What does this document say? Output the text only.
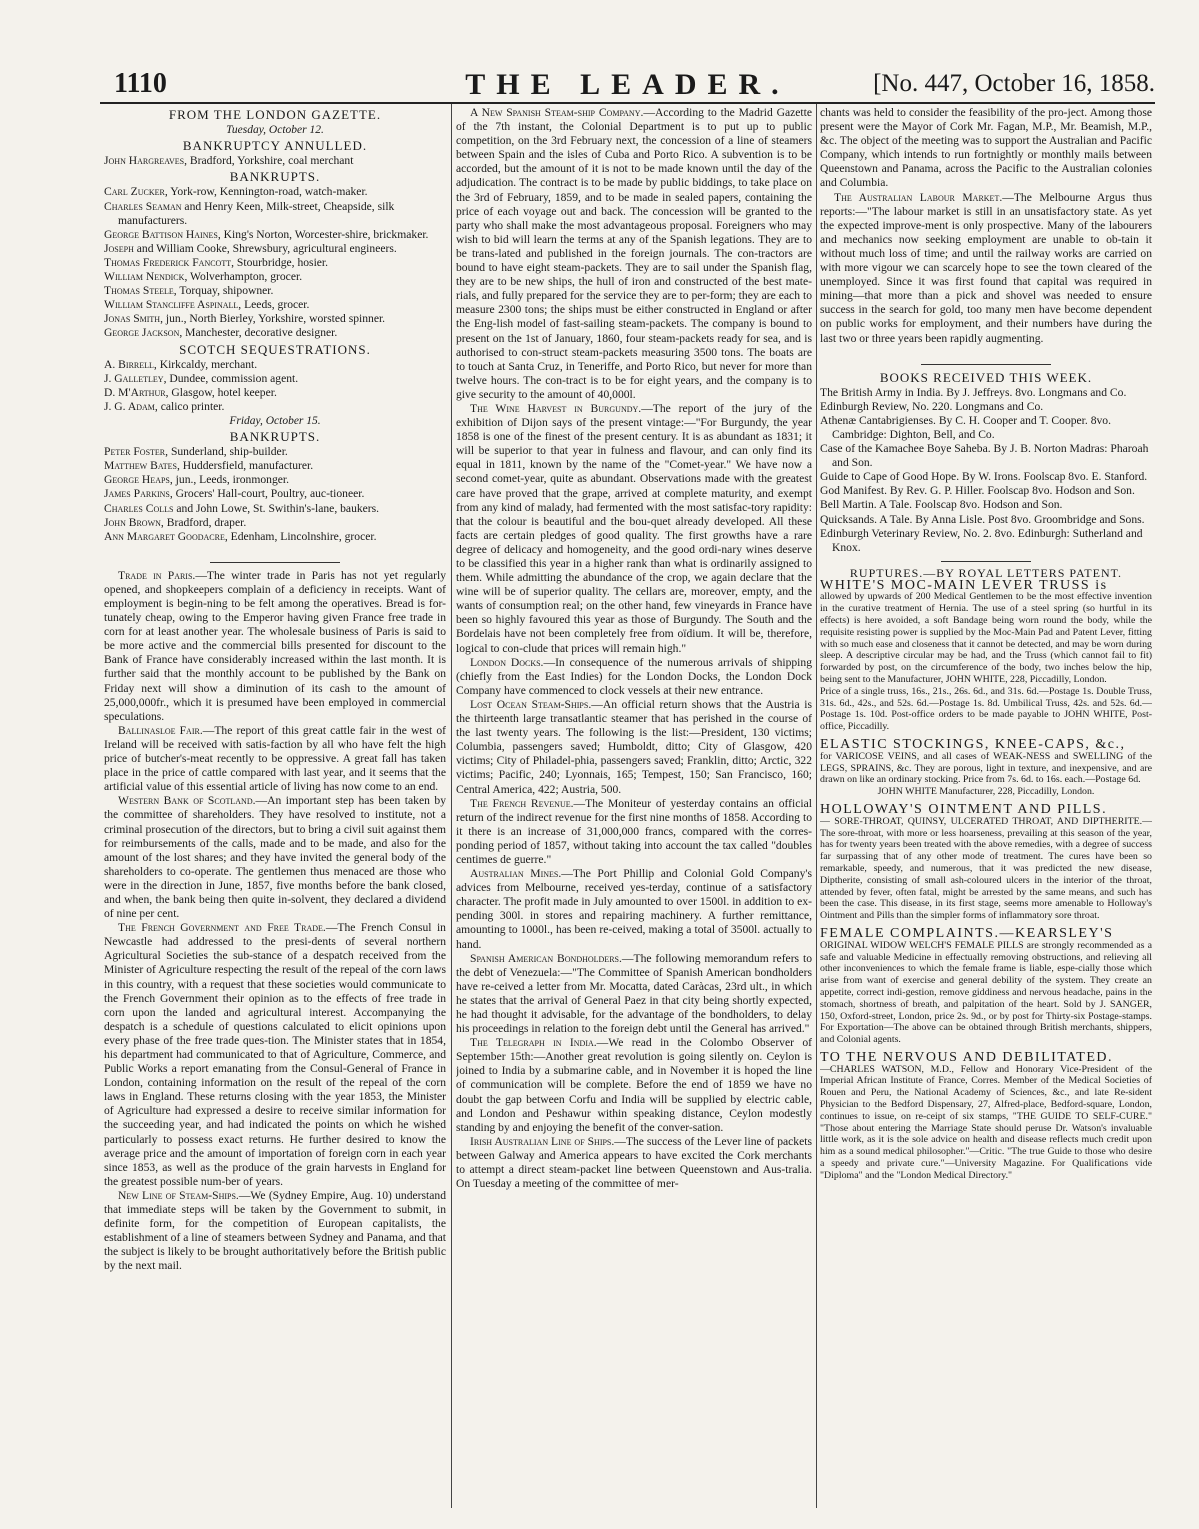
1110	THE LEADER.	[No. 447, October 16, 1858.
FROM THE LONDON GAZETTE.

Tuesday, October 12.

BANKRUPTCY ANNULLED.

John Hargreaves, Bradford, Yorkshire, coal merchant

BANKRUPTS.

Carl Zucker, York-row, Kennington-road, watch-maker.

Charles Seaman and Henry Keen, Milk-street, Cheapside, silk manufacturers.

George Battison Haines, King's Norton, Worcester-shire, brickmaker.

Joseph and William Cooke, Shrewsbury, agricultural engineers.

Thomas Frederick Fancott, Stourbridge, hosier.

William Nendick, Wolverhampton, grocer.

Thomas Steele, Torquay, shipowner.

William Stancliffe Aspinall, Leeds, grocer.

Jonas Smith, jun., North Bierley, Yorkshire, worsted spinner.

George Jackson, Manchester, decorative designer.

SCOTCH SEQUESTRATIONS.

A. Birrell, Kirkcaldy, merchant.

J. Galletley, Dundee, commission agent.

D. M'Arthur, Glasgow, hotel keeper.

J. G. Adam, calico printer.

Friday, October 15.

BANKRUPTS.

Peter Foster, Sunderland, ship-builder.

Matthew Bates, Huddersfield, manufacturer.

George Heaps, jun., Leeds, ironmonger.

James Parkins, Grocers' Hall-court, Poultry, auc-tioneer.

Charles Colls and John Lowe, St. Swithin's-lane, baukers.

John Brown, Bradford, draper.

Ann Margaret Goodacre, Edenham, Lincolnshire, grocer.

Trade in Paris.—The winter trade in Paris has not yet regularly opened, and shopkeepers complain of a deficiency in receipts. Want of employment is begin-ning to be felt among the operatives. Bread is for-tunately cheap, owing to the Emperor having given France free trade in corn for at least another year. The wholesale business of Paris is said to be more active and the commercial bills presented for discount to the Bank of France have considerably increased within the last month. It is further said that the monthly account to be published by the Bank on Friday next will show a diminution of its cash to the amount of 25,000,000fr., which it is presumed have been employed in commercial speculations.

Ballinasloe Fair.—The report of this great cattle fair in the west of Ireland will be received with satis-faction by all who have felt the high price of butcher's-meat recently to be oppressive. A great fall has taken place in the price of cattle compared with last year, and it seems that the artificial value of this essential article of living has now come to an end.

Western Bank of Scotland.—An important step has been taken by the committee of shareholders. They have resolved to institute, not a criminal prosecution of the directors, but to bring a civil suit against them for reimbursements of the calls, made and to be made, and also for the amount of the lost shares; and they have invited the general body of the shareholders to co-operate. The gentlemen thus menaced are those who were in the direction in June, 1857, five months before the bank closed, and when, the bank being then quite in-solvent, they declared a dividend of nine per cent.

The French Government and Free Trade.—The French Consul in Newcastle had addressed to the presi-dents of several northern Agricultural Societies the sub-stance of a despatch received from the Minister of Agriculture respecting the result of the repeal of the corn laws in this country, with a request that these societies would communicate to the French Government their opinion as to the effects of free trade in corn upon the landed and agricultural interest. Accompanying the despatch is a schedule of questions calculated to elicit opinions upon every phase of the free trade ques-tion. The Minister states that in 1854, his department had communicated to that of Agriculture, Commerce, and Public Works a report emanating from the Consul-General of France in London, containing information on the result of the repeal of the corn laws in England. These returns closing with the year 1853, the Minister of Agriculture had expressed a desire to receive similar information for the succeeding year, and had indicated the points on which he wished particularly to possess exact returns. He further desired to know the average price and the amount of importation of foreign corn in each year since 1853, as well as the produce of the grain harvests in England for the greatest possible num-ber of years.

New Line of Steam-Ships.—We (Sydney Empire, Aug. 10) understand that immediate steps will be taken by the Government to submit, in definite form, for the competition of European capitalists, the establishment of a line of steamers between Sydney and Panama, and that the subject is likely to be brought authoritatively before the British public by the next mail.

A New Spanish Steam-ship Company.—According to the Madrid Gazette of the 7th instant, the Colonial Department is to put up to public competition, on the 3rd February next, the concession of a line of steamers between Spain and the isles of Cuba and Porto Rico. A subvention is to be accorded, but the amount of it is not to be made known until the day of the adjudication. The contract is to be made by public biddings, to take place on the 3rd of February, 1859, and to be made in sealed papers, containing the price of each voyage out and back. The concession will be granted to the party who shall make the most advantageous proposal. Foreigners who may wish to bid will learn the terms at any of the Spanish legations. They are to be trans-lated and published in the foreign journals. The con-tractors are bound to have eight steam-packets. They are to sail under the Spanish flag, they are to be new ships, the hull of iron and constructed of the best mate-rials, and fully prepared for the service they are to per-form; they are each to measure 2300 tons; the ships must be either constructed in England or after the Eng-lish model of fast-sailing steam-packets. The company is bound to present on the 1st of January, 1860, four steam-packets ready for sea, and is authorised to con-struct steam-packets measuring 3500 tons. The boats are to touch at Santa Cruz, in Teneriffe, and Porto Rico, but never for more than twelve hours. The con-tract is to be for eight years, and the company is to give security to the amount of 40,000l.

The Wine Harvest in Burgundy.—The report of the jury of the exhibition of Dijon says of the present vintage:—"For Burgundy, the year 1858 is one of the finest of the present century. It is as abundant as 1831; it will be superior to that year in fulness and flavour, and can only find its equal in 1811, known by the name of the "Comet-year." We have now a second comet-year, quite as abundant. Observations made with the greatest care have proved that the grape, arrived at complete maturity, and exempt from any kind of malady, had fermented with the most satisfac-tory rapidity: that the colour is beautiful and the bou-quet already developed. All these facts are certain pledges of good quality. The first growths have a rare degree of delicacy and homogeneity, and the good ordi-nary wines deserve to be classified this year in a higher rank than what is ordinarily assigned to them. While admitting the abundance of the crop, we again declare that the wine will be of superior quality. The cellars are, moreover, empty, and the wants of consumption real; on the other hand, few vineyards in France have been so highly favoured this year as those of Burgundy. The South and the Bordelais have not been completely free from oïdium. It will be, therefore, logical to con-clude that prices will remain high."

London Docks.—In consequence of the numerous arrivals of shipping (chiefly from the East Indies) for the London Docks, the London Dock Company have commenced to clock vessels at their new entrance.

Lost Ocean Steam-Ships.—An official return shows that the Austria is the thirteenth large transatlantic steamer that has perished in the course of the last twenty years. The following is the list:—President, 130 victims; Columbia, passengers saved; Humboldt, ditto; City of Glasgow, 420 victims; City of Philadel-phia, passengers saved; Franklin, ditto; Arctic, 322 victims; Pacific, 240; Lyonnais, 165; Tempest, 150; San Francisco, 160; Central America, 422; Austria, 500.

The French Revenue.—The Moniteur of yesterday contains an official return of the indirect revenue for the first nine months of 1858. According to it there is an increase of 31,000,000 francs, compared with the corres-ponding period of 1857, without taking into account the tax called "doubles centimes de guerre."

Australian Mines.—The Port Phillip and Colonial Gold Company's advices from Melbourne, received yes-terday, continue of a satisfactory character. The profit made in July amounted to over 1500l. in addition to ex-pending 300l. in stores and repairing machinery. A further remittance, amounting to 1000l., has been re-ceived, making a total of 3500l. actually to hand.

Spanish American Bondholders.—The following memorandum refers to the debt of Venezuela:—"The Committee of Spanish American bondholders have re-ceived a letter from Mr. Mocatta, dated Caràcas, 23rd ult., in which he states that the arrival of General Paez in that city being shortly expected, he had thought it advisable, for the advantage of the bondholders, to delay his proceedings in relation to the foreign debt until the General has arrived."

The Telegraph in India.—We read in the Colombo Observer of September 15th:—Another great revolution is going silently on. Ceylon is joined to India by a submarine cable, and in November it is hoped the line of communication will be complete. Before the end of 1859 we have no doubt the gap between Corfu and India will be supplied by electric cable, and London and Peshawur within speaking distance, Ceylon modestly standing by and enjoying the benefit of the conver-sation.

Irish Australian Line of Ships.—The success of the Lever line of packets between Galway and America appears to have excited the Cork merchants to attempt a direct steam-packet line between Queenstown and Aus-tralia. On Tuesday a meeting of the committee of mer-

chants was held to consider the feasibility of the pro-ject. Among those present were the Mayor of Cork Mr. Fagan, M.P., Mr. Beamish, M.P., &c. The object of the meeting was to support the Australian and Pacific Company, which intends to run fortnightly or monthly mails between Queenstown and Panama, across the Pacific to the Australian colonies and Columbia.

The Australian Labour Market.—The Melbourne Argus thus reports:—"The labour market is still in an unsatisfactory state. As yet the expected improve-ment is only prospective. Many of the labourers and mechanics now seeking employment are unable to ob-tain it without much loss of time; and until the railway works are carried on with more vigour we can scarcely hope to see the town cleared of the unemployed. Since it was first found that capital was required in mining—that more than a pick and shovel was needed to ensure success in the search for gold, too many men have become dependent on public works for employment, and their numbers have during the last two or three years been rapidly augmenting.

BOOKS RECEIVED THIS WEEK.

The British Army in India. By J. Jeffreys. 8vo. Longmans and Co.

Edinburgh Review, No. 220. Longmans and Co.

Athenæ Cantabrigienses. By C. H. Cooper and T. Cooper. 8vo. Cambridge: Dighton, Bell, and Co.

Case of the Kamachee Boye Saheba. By J. B. Norton Madras: Pharoah and Son.

Guide to Cape of Good Hope. By W. Irons. Foolscap 8vo. E. Stanford.

God Manifest. By Rev. G. P. Hiller. Foolscap 8vo. Hodson and Son.

Bell Martin. A Tale. Foolscap 8vo. Hodson and Son.

Quicksands. A Tale. By Anna Lisle. Post 8vo. Groombridge and Sons.

Edinburgh Veterinary Review, No. 2. 8vo. Edinburgh: Sutherland and Knox.

RUPTURES.—BY ROYAL LETTERS PATENT.

WHITE'S MOC-MAIN LEVER TRUSS is

allowed by upwards of 200 Medical Gentlemen to be the most effective invention in the curative treatment of Hernia. The use of a steel spring (so hurtful in its effects) is here avoided, a soft Bandage being worn round the body, while the requisite resisting power is supplied by the Moc-Main Pad and Patent Lever, fitting with so much ease and closeness that it cannot be detected, and may be worn during sleep. A descriptive circular may be had, and the Truss (which cannot fail to fit) forwarded by post, on the circumference of the body, two inches below the hip, being sent to the Manufacturer, JOHN WHITE, 228, Piccadilly, London.

Price of a single truss, 16s., 21s., 26s. 6d., and 31s. 6d.—Postage 1s. Double Truss, 31s. 6d., 42s., and 52s. 6d.—Postage 1s. 8d. Umbilical Truss, 42s. and 52s. 6d.—Postage 1s. 10d. Post-office orders to be made payable to JOHN WHITE, Post-office, Piccadilly.

ELASTIC STOCKINGS, KNEE-CAPS, &c.,

for VARICOSE VEINS, and all cases of WEAK-NESS and SWELLING of the LEGS, SPRAINS, &c. They are porous, light in texture, and inexpensive, and are drawn on like an ordinary stocking. Price from 7s. 6d. to 16s. each.—Postage 6d.

JOHN WHITE Manufacturer, 228, Piccadilly, London.

HOLLOWAY'S OINTMENT AND PILLS.

— SORE-THROAT, QUINSY, ULCERATED THROAT, AND DIPTHERITE.—The sore-throat, with more or less hoarseness, prevailing at this season of the year, has for twenty years been treated with the above remedies, with a degree of success far surpassing that of any other mode of treatment. The cures have been so remarkable, speedy, and numerous, that it was predicted the new disease, Diptherite, consisting of small ash-coloured ulcers in the interior of the throat, attended by fever, often fatal, might be arrested by the same means, and such has been the case. This disease, in its first stage, seems more amenable to Holloway's Ointment and Pills than the simpler forms of inflammatory sore throat.

FEMALE COMPLAINTS.—KEARSLEY'S

ORIGINAL WIDOW WELCH'S FEMALE PILLS are strongly recommended as a safe and valuable Medicine in effectually removing obstructions, and relieving all other inconveniences to which the female frame is liable, espe-cially those which arise from want of exercise and general debility of the system. They create an appetite, correct indi-gestion, remove giddiness and nervous headache, pains in the stomach, shortness of breath, and palpitation of the heart. Sold by J. SANGER, 150, Oxford-street, London, price 2s. 9d., or by post for Thirty-six Postage-stamps. For Exportation—The above can be obtained through British merchants, shippers, and Colonial agents.

TO THE NERVOUS AND DEBILITATED.

—CHARLES WATSON, M.D., Fellow and Honorary Vice-President of the Imperial African Institute of France, Corres. Member of the Medical Societies of Rouen and Peru, the National Academy of Sciences, &c., and late Re-sident Physician to the Bedford Dispensary, 27, Alfred-place, Bedford-square, London, continues to issue, on re-ceipt of six stamps, "THE GUIDE TO SELF-CURE." "Those about entering the Marriage State should peruse Dr. Watson's invaluable little work, as it is the sole advice on health and disease reflects much credit upon him as a sound medical philosopher."—Critic. "The true Guide to those who desire a speedy and private cure."—University Magazine. For Qualifications vide "Diploma" and the "London Medical Directory."
